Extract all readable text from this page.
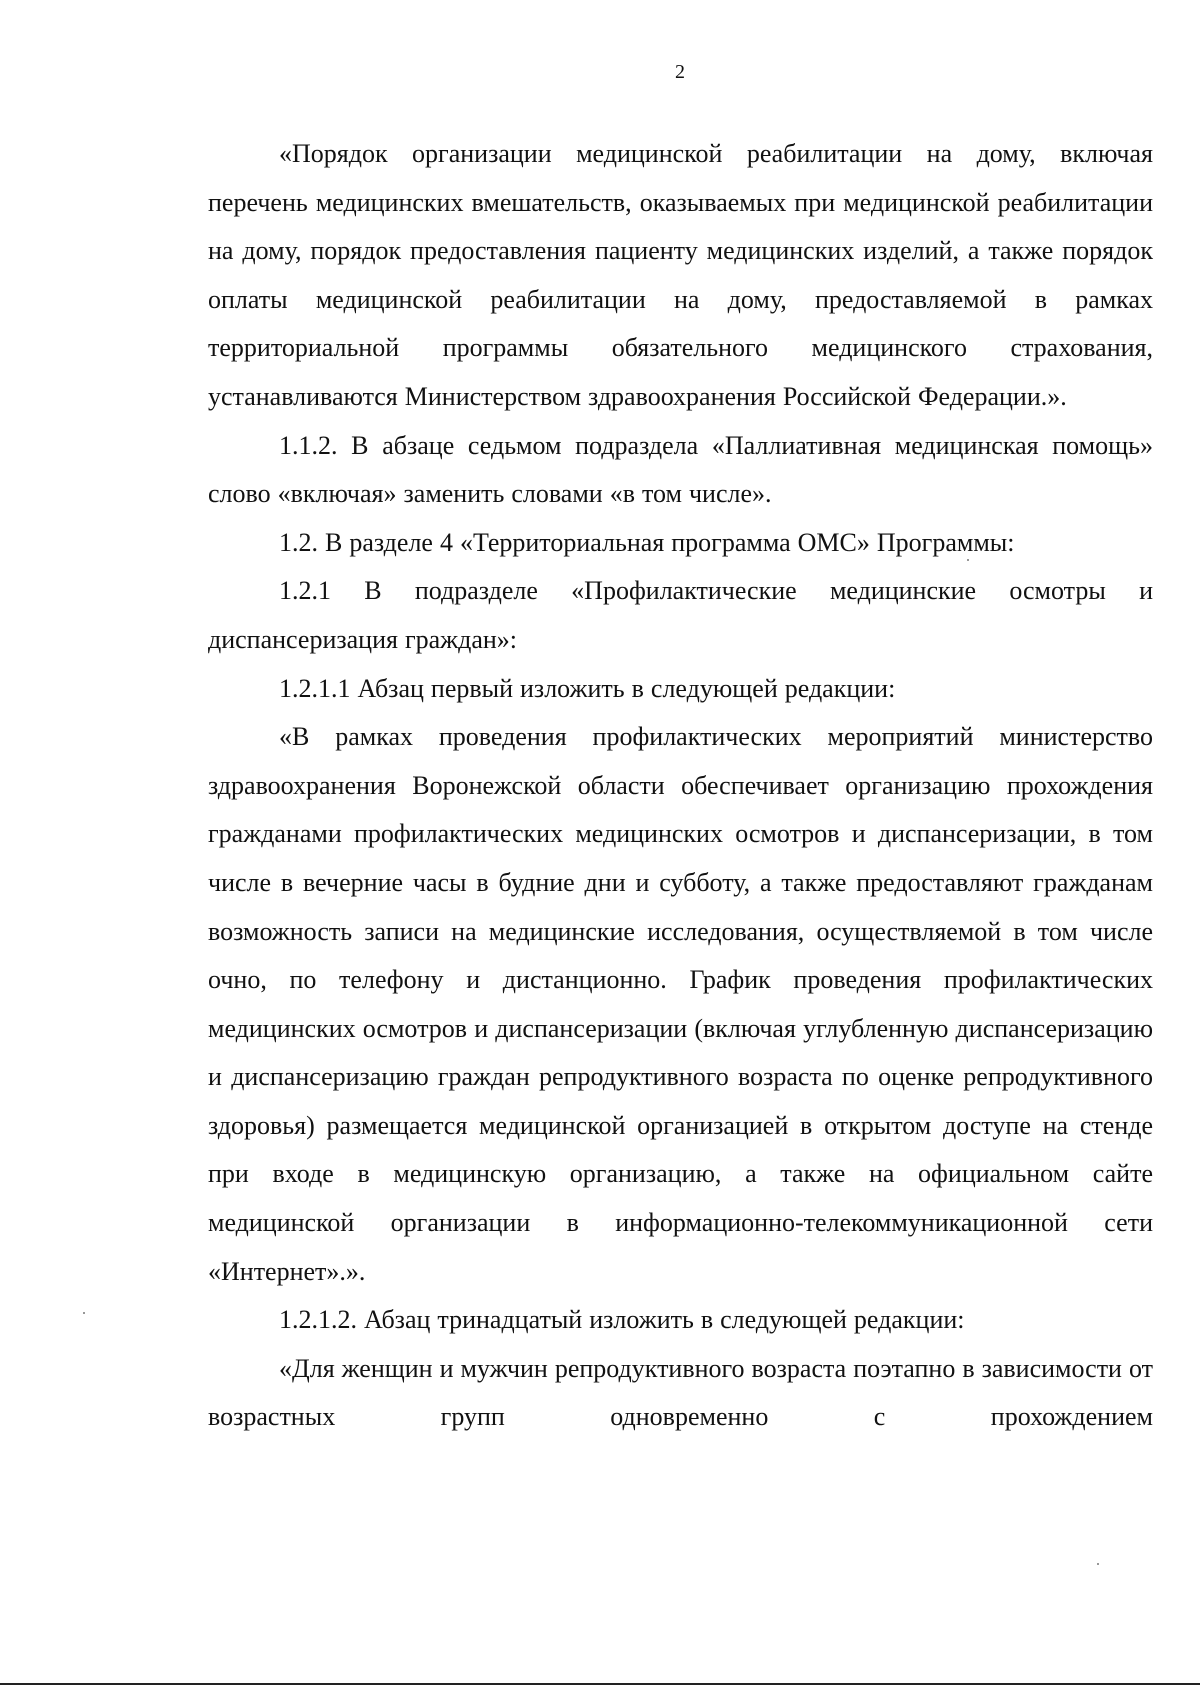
2

«Порядок организации медицинской реабилитации на дому, включая перечень медицинских вмешательств, оказываемых при медицинской реабилитации на дому, порядок предоставления пациенту медицинских изделий, а также порядок оплаты медицинской реабилитации на дому, предоставляемой в рамках территориальной программы обязательного медицинского страхования, устанавливаются Министерством здравоохранения Российской Федерации.».

1.1.2. В абзаце седьмом подраздела «Паллиативная медицинская помощь» слово «включая» заменить словами «в том числе».

1.2. В разделе 4 «Территориальная программа ОМС» Программы:

1.2.1 В подразделе «Профилактические медицинские осмотры и диспансеризация граждан»:

1.2.1.1 Абзац первый изложить в следующей редакции:

«В рамках проведения профилактических мероприятий министерство здравоохранения Воронежской области обеспечивает организацию прохождения гражданами профилактических медицинских осмотров и диспансеризации, в том числе в вечерние часы в будние дни и субботу, а также предоставляют гражданам возможность записи на медицинские исследования, осуществляемой в том числе очно, по телефону и дистанционно. График проведения профилактических медицинских осмотров и диспансеризации (включая углубленную диспансеризацию и диспансеризацию граждан репродуктивного возраста по оценке репродуктивного здоровья) размещается медицинской организацией в открытом доступе на стенде при входе в медицинскую организацию, а также на официальном сайте медицинской организации в информационно-телекоммуникационной сети «Интернет».».

1.2.1.2. Абзац тринадцатый изложить в следующей редакции:

«Для женщин и мужчин репродуктивного возраста поэтапно в зависимости от возрастных групп одновременно с прохождением
